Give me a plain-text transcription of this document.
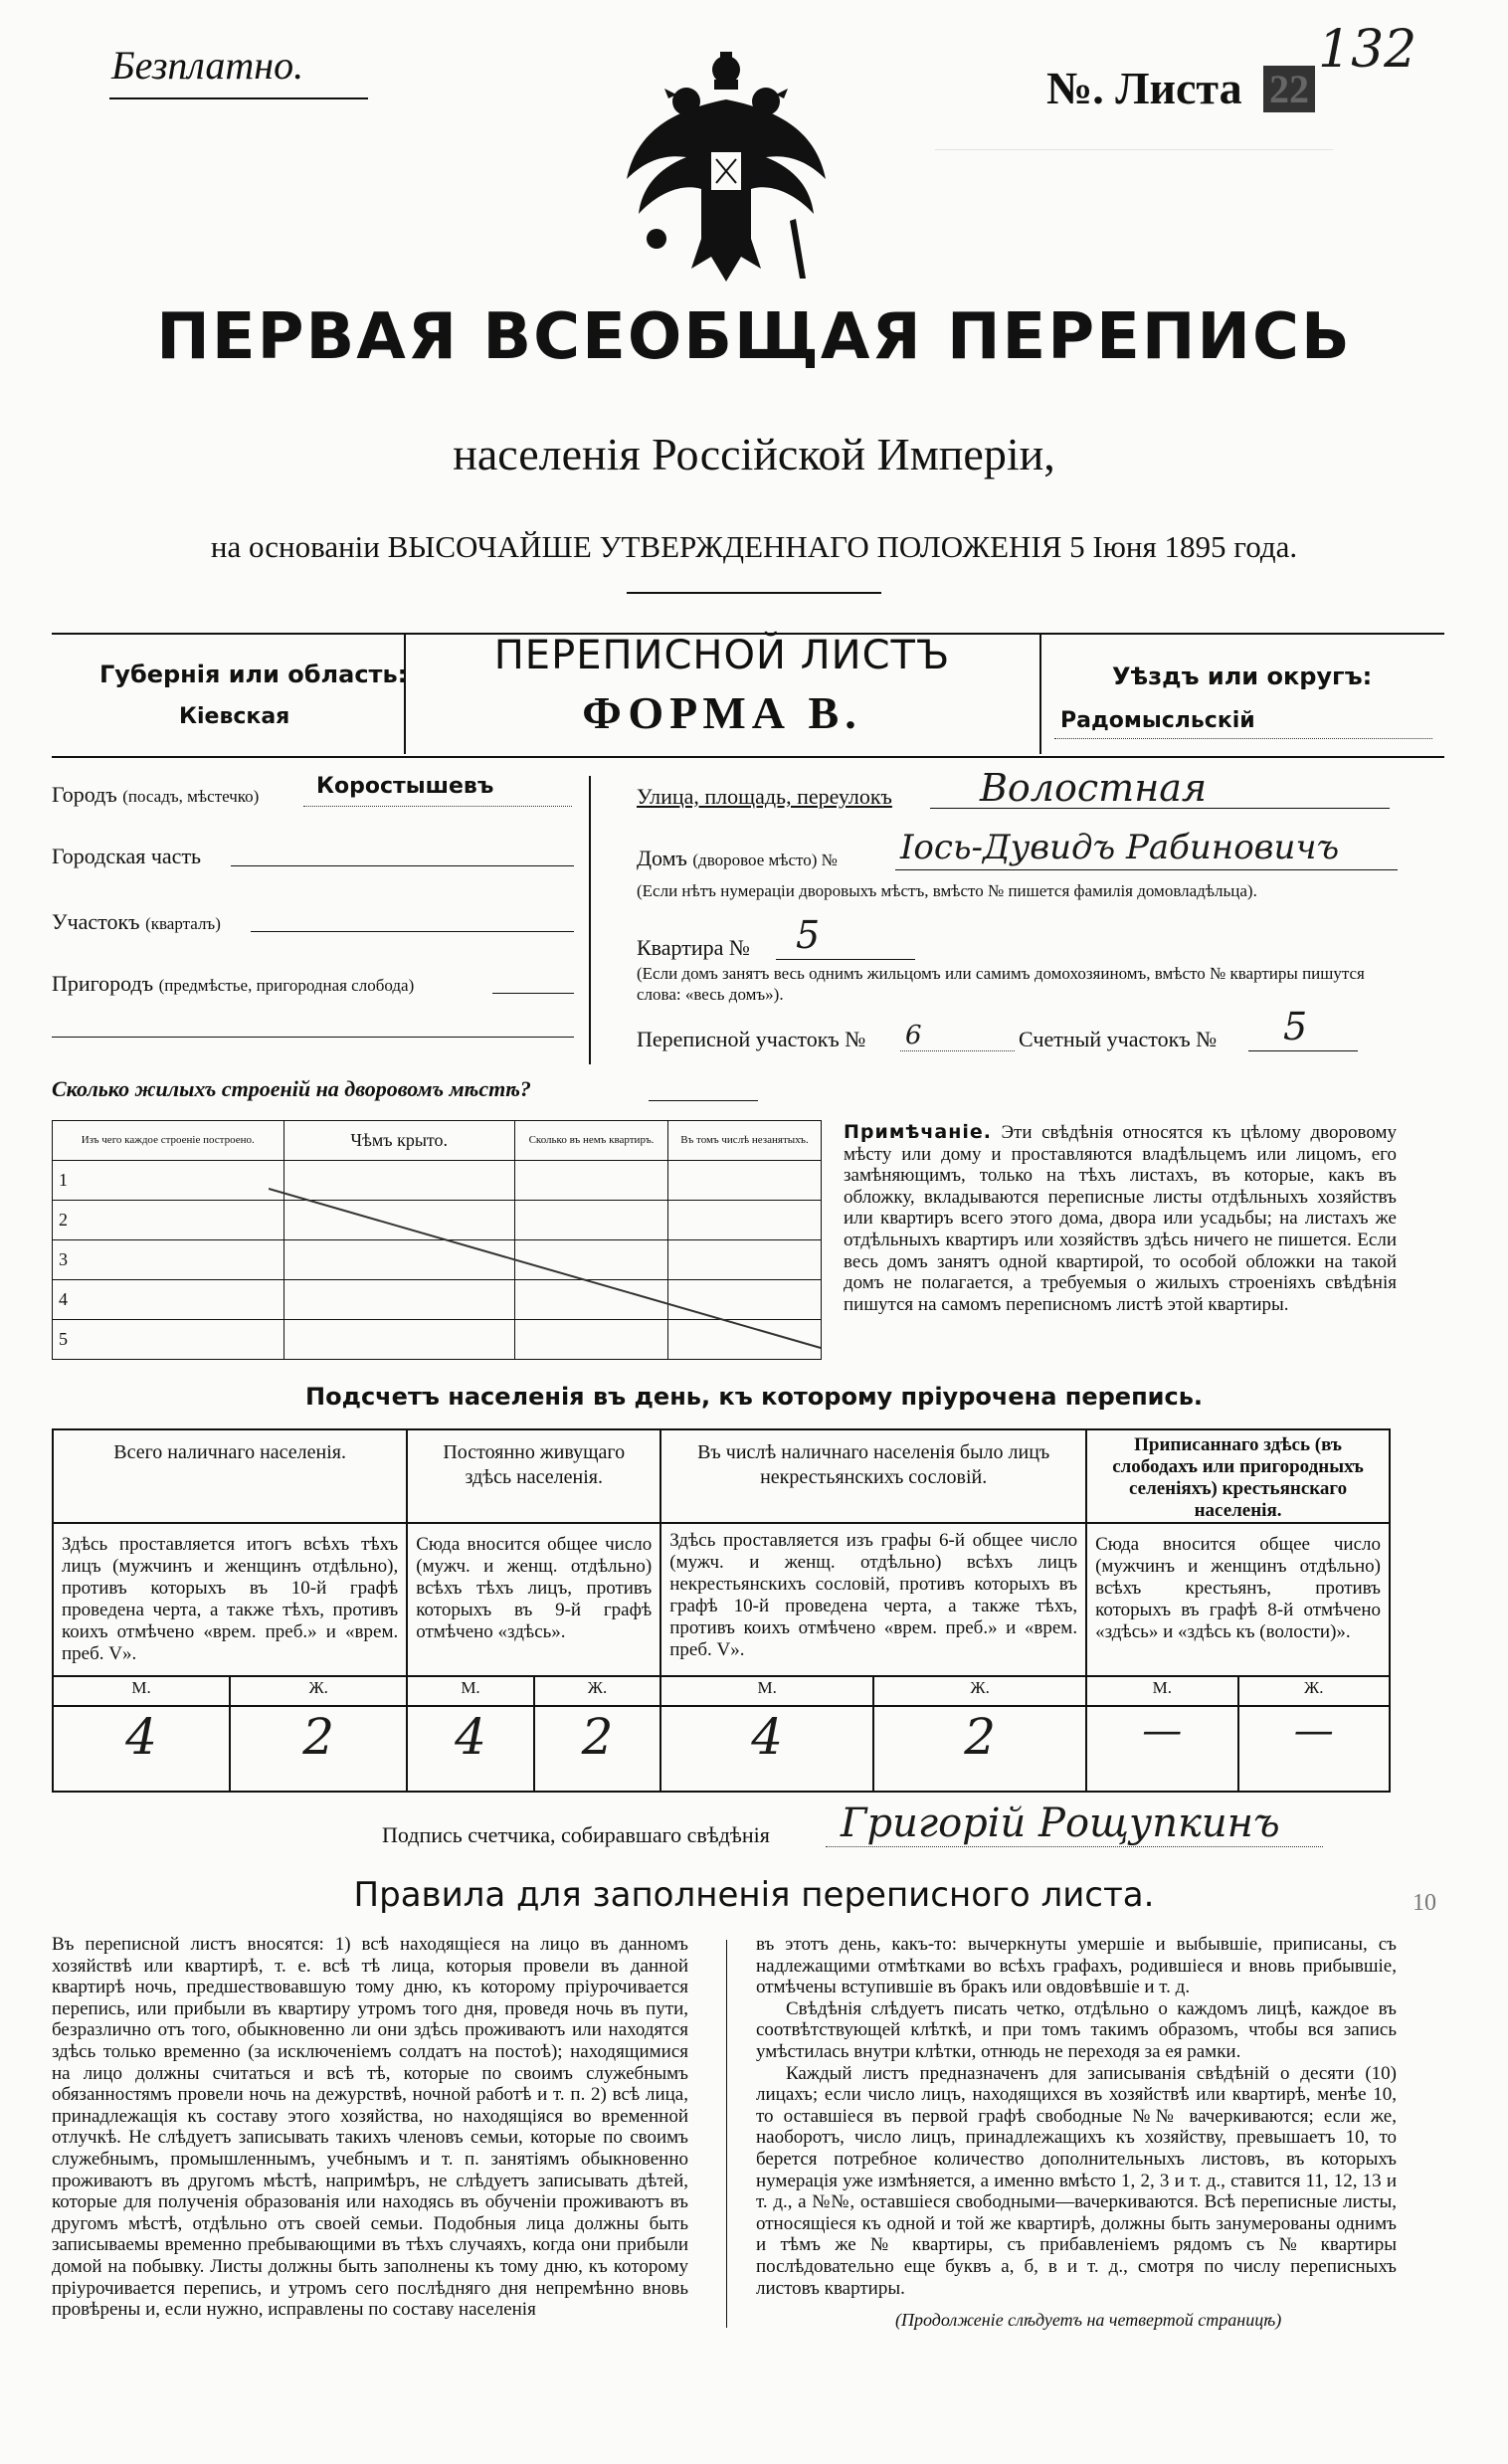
Безплатно.	№. Листа 22
132
ПЕРВАЯ ВСЕОБЩАЯ ПЕРЕПИСЬ
населенія Россійской Имперіи,
на основаніи ВЫСОЧАЙШЕ УТВЕРЖДЕННАГО ПОЛОЖЕНІЯ 5 Іюня 1895 года.
Губернія или область:
Кіевская
ПЕРЕПИСНОЙ ЛИСТЪ
ФОРМА В.
Уѣздъ или округъ:
Радомысльскій
Городъ (посадъ, мѣстечко)	Коростышевъ
Городская часть
Участокъ (кварталъ)
Пригородъ (предмѣстье, пригородная слобода)
Улица, площадь, переулокъ Волостная
Домъ (дворовое мѣсто) № Іось-Дувидъ Рабиновичъ
(Если нѣтъ нумераціи дворовыхъ мѣстъ, вмѣсто № пишется фамилія домовладѣльца).
Квартира № 5
(Если домъ занятъ весь однимъ жильцомъ или самимъ домохозяиномъ, вмѣсто № квартиры пишутся слова: «весь домъ»).
Переписной участокъ № 6	Счетный участокъ № 5
Сколько жилыхъ строеній на дворовомъ мѣстѣ?
Изъ чего каждое строеніе построено.	Чѣмъ крыто.	Сколько въ немъ квартиръ.	Въ томъ числѣ незанятыхъ.
1			
2			
3			
4			
5			
Примѣчаніе. Эти свѣдѣнія относятся къ цѣлому дворовому мѣсту или дому и проставляются владѣльцемъ или лицомъ, его замѣняющимъ, только на тѣхъ листахъ, въ которые, какъ въ обложку, вкладываются переписные листы отдѣльныхъ хозяйствъ или квартиръ всего этого дома, двора или усадьбы; на листахъ же отдѣльныхъ квартиръ или хозяйствъ здѣсь ничего не пишется. Если весь домъ занятъ одной квартирой, то особой обложки на такой домъ не полагается, а требуемыя о жилыхъ строеніяхъ свѣдѣнія пишутся на самомъ переписномъ листѣ этой квартиры.
Подсчетъ населенія въ день, къ которому пріурочена перепись.
Всего наличнаго населенія.		Постоянно живущаго здѣсь населенія.		Въ числѣ наличнаго населенія было лицъ некрестьянскихъ сословій.		Приписаннаго здѣсь (въ слободахъ или пригородныхъ селеніяхъ) крестьянскаго населенія.	
Здѣсь проставляется итогъ всѣхъ тѣхъ лицъ (мужчинъ и женщинъ отдѣльно), противъ которыхъ въ 10-й графѣ проведена черта, а также тѣхъ, противъ коихъ отмѣчено «врем. преб.» и «врем. преб. V».		Сюда вносится общее число (мужч. и женщ. отдѣльно) всѣхъ тѣхъ лицъ, противъ которыхъ въ 9-й графѣ отмѣчено «здѣсь».		Здѣсь проставляется изъ графы 6-й общее число (мужч. и женщ. отдѣльно) всѣхъ лицъ некрестьянскихъ сословій, противъ которыхъ въ графѣ 10-й проведена черта, а также тѣхъ, противъ коихъ отмѣчено «врем. преб.» и «врем. преб. V».		Сюда вносится общее число (мужчинъ и женщинъ отдѣльно) всѣхъ крестьянъ, противъ которыхъ въ графѣ 8-й отмѣчено «здѣсь» и «здѣсь къ (волости)».	
М.	Ж.	М.	Ж.	М.	Ж.	М.	Ж.
4	2	4	2	4	2	—	—
Подпись счетчика, собиравшаго свѣдѣнія Григорій Рощупкинъ
Правила для заполненія переписного листа.
Въ переписной листъ вносятся: 1) всѣ находящіеся на лицо въ данномъ хозяйствѣ или квартирѣ, т. е. всѣ тѣ лица, которыя провели въ данной квартирѣ ночь, предшествовавшую тому дню, къ которому пріурочивается перепись, или прибыли въ квартиру утромъ того дня, проведя ночь въ пути, безразлично отъ того, обыкновенно ли они здѣсь проживаютъ или находятся здѣсь только временно (за исключеніемъ солдатъ на постоѣ); находящимися на лицо должны считаться и всѣ тѣ, которые по своимъ служебнымъ обязанностямъ провели ночь на дежурствѣ, ночной работѣ и т. п. 2) всѣ лица, принадлежащія къ составу этого хозяйства, но находящіяся во временной отлучкѣ. Не слѣдуетъ записывать такихъ членовъ семьи, которые по своимъ служебнымъ, промышленнымъ, учебнымъ и т. п. занятіямъ обыкновенно проживаютъ въ другомъ мѣстѣ, напримѣръ, не слѣдуетъ записывать дѣтей, которые для полученія образованія или находясь въ обученіи проживаютъ въ другомъ мѣстѣ, отдѣльно отъ своей семьи. Подобныя лица должны быть записываемы временно пребывающими въ тѣхъ случаяхъ, когда они прибыли домой на побывку. Листы должны быть заполнены къ тому дню, къ которому пріурочивается перепись, и утромъ сего послѣдняго дня непремѣнно вновь провѣрены и, если нужно, исправлены по составу населенія
въ этотъ день, какъ-то: вычеркнуты умершіе и выбывшіе, приписаны, съ надлежащими отмѣтками во всѣхъ графахъ, родившіеся и вновь прибывшіе, отмѣчены вступившіе въ бракъ или овдовѣвшіе и т. д.
Свѣдѣнія слѣдуетъ писать четко, отдѣльно о каждомъ лицѣ, каждое въ соотвѣтствующей клѣткѣ, и при томъ такимъ образомъ, чтобы вся запись умѣстилась внутри клѣтки, отнюдь не переходя за ея рамки.
Каждый листъ предназначенъ для записыванія свѣдѣній о десяти (10) лицахъ; если число лицъ, находящихся въ хозяйствѣ или квартирѣ, менѣе 10, то оставшіеся въ первой графѣ свободные №№ вачеркиваются; если же, наоборотъ, число лицъ, принадлежащихъ къ хозяйству, превышаетъ 10, то берется потребное количество дополнительныхъ листовъ, въ которыхъ нумерація уже измѣняется, а именно вмѣсто 1, 2, 3 и т. д., ставится 11, 12, 13 и т. д., а №№, оставшіеся свободными—вачеркиваются. Всѣ переписные листы, относящіеся къ одной и той же квартирѣ, должны быть занумерованы однимъ и тѣмъ же № квартиры, съ прибавленіемъ рядомъ съ № квартиры послѣдовательно еще буквъ а, б, в и т. д., смотря по числу переписныхъ листовъ квартиры.
(Продолженіе слѣдуетъ на четвертой страницѣ)
10
